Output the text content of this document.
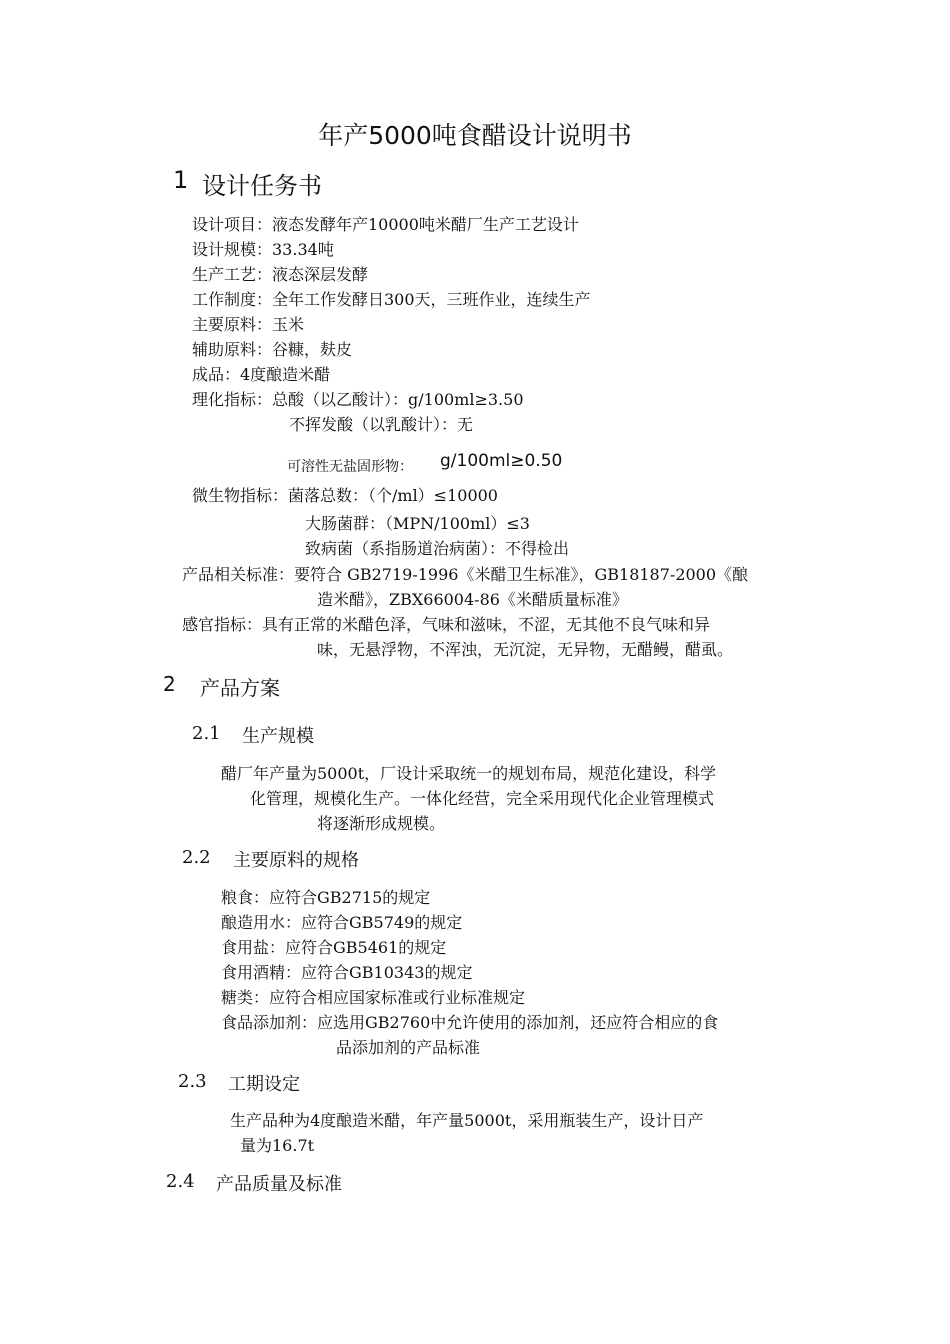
年产5000吨食醋设计说明书
1 设计任务书
设计项目：液态发酵年产10000吨米醋厂生产工艺设计
设计规模：33.34吨
生产工艺：液态深层发酵
工作制度：全年工作发酵日300天，三班作业，连续生产
主要原料：玉米
辅助原料：谷糠，麸皮
成品：4度酿造米醋
理化指标：总酸（以乙酸计）：g/100ml≥3.50
不挥发酸（以乳酸计）：无
可溶性无盐固形物： g/100ml≥0.50
微生物指标：菌落总数：（个/ml）≤10000
大肠菌群：（MPN/100ml）≤3
致病菌（系指肠道治病菌）：不得检出
产品相关标准：要符合 GB2719-1996《米醋卫生标准》，GB18187-2000《酿
造米醋》，ZBX66004-86《米醋质量标准》
感官指标：具有正常的米醋色泽，气味和滋味，不涩，无其他不良气味和异
味，无悬浮物，不浑浊，无沉淀，无异物，无醋鳗，醋虱。
2 产品方案
2.1 生产规模
醋厂年产量为5000t，厂设计采取统一的规划布局，规范化建设，科学
化管理，规模化生产。一体化经营，完全采用现代化企业管理模式
将逐渐形成规模。
2.2 主要原料的规格
粮食：应符合GB2715的规定
酿造用水：应符合GB5749的规定
食用盐：应符合GB5461的规定
食用酒精：应符合GB10343的规定
糖类：应符合相应国家标准或行业标准规定
食品添加剂：应选用GB2760中允许使用的添加剂，还应符合相应的食
品添加剂的产品标准
2.3 工期设定
生产品种为4度酿造米醋，年产量5000t，采用瓶装生产，设计日产
量为16.7t
2.4 产品质量及标准
